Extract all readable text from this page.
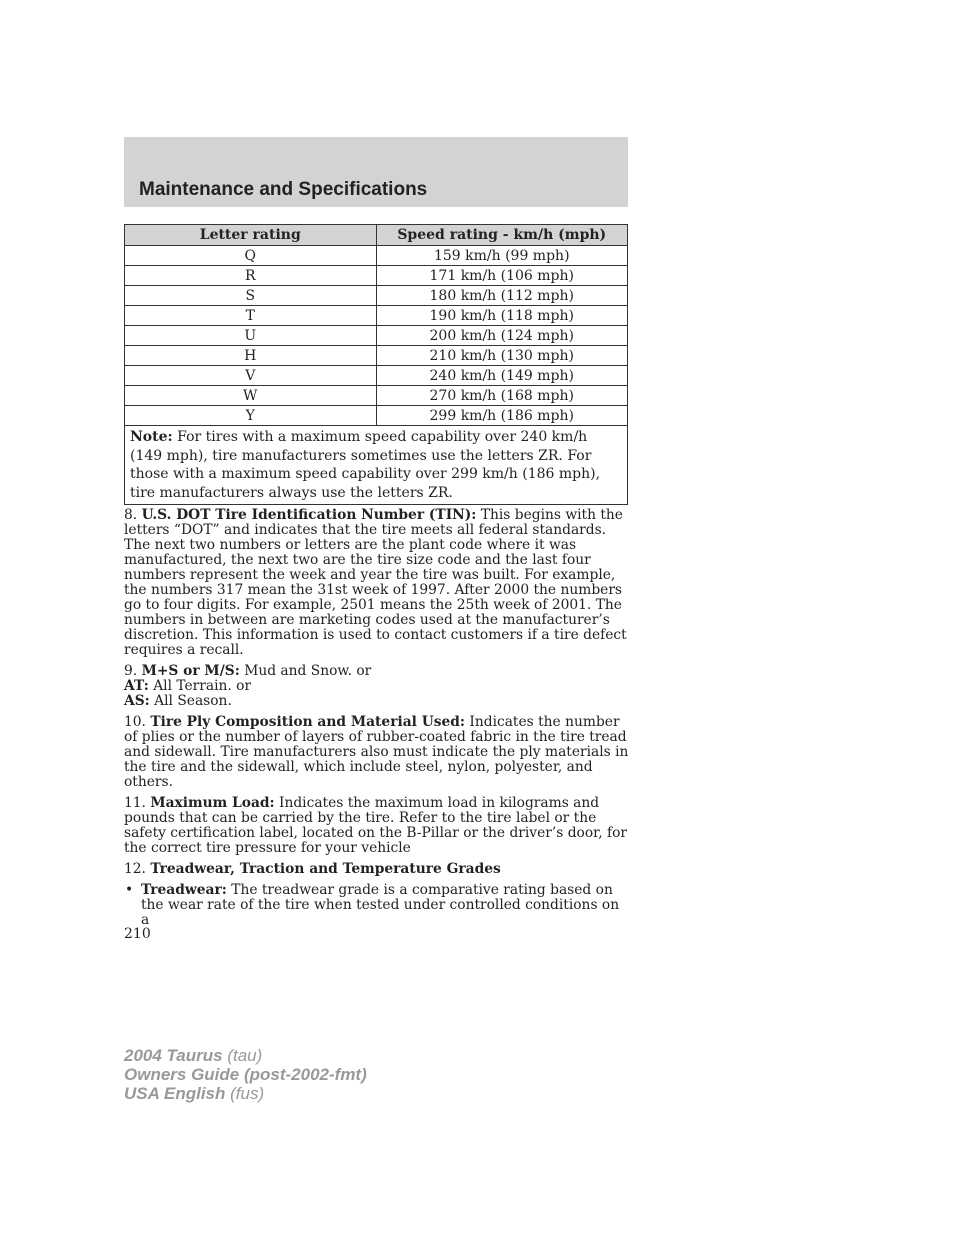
Maintenance and Specifications
Letter rating	Speed rating - km/h (mph)
Q	159 km/h (99 mph)
R	171 km/h (106 mph)
S	180 km/h (112 mph)
T	190 km/h (118 mph)
U	200 km/h (124 mph)
H	210 km/h (130 mph)
V	240 km/h (149 mph)
W	270 km/h (168 mph)
Y	299 km/h (186 mph)
Note: For tires with a maximum speed capability over 240 km/h (149 mph), tire manufacturers sometimes use the letters ZR. For those with a maximum speed capability over 299 km/h (186 mph), tire manufacturers always use the letters ZR.	

8. U.S. DOT Tire Identification Number (TIN): This begins with the letters “DOT” and indicates that the tire meets all federal standards. The next two numbers or letters are the plant code where it was manufactured, the next two are the tire size code and the last four numbers represent the week and year the tire was built. For example, the numbers 317 mean the 31st week of 1997. After 2000 the numbers go to four digits. For example, 2501 means the 25th week of 2001. The numbers in between are marketing codes used at the manufacturer’s discretion. This information is used to contact customers if a tire defect requires a recall.

9. M+S or M/S: Mud and Snow. or
AT: All Terrain. or
AS: All Season.

10. Tire Ply Composition and Material Used: Indicates the number of plies or the number of layers of rubber-coated fabric in the tire tread and sidewall. Tire manufacturers also must indicate the ply materials in the tire and the sidewall, which include steel, nylon, polyester, and others.

11. Maximum Load: Indicates the maximum load in kilograms and pounds that can be carried by the tire. Refer to the tire label or the safety certification label, located on the B-Pillar or the driver’s door, for the correct tire pressure for your vehicle

12. Treadwear, Traction and Temperature Grades

• Treadwear: The treadwear grade is a comparative rating based on the wear rate of the tire when tested under controlled conditions on a

210
2004 Taurus (tau)
Owners Guide (post-2002-fmt)
USA English (fus)
